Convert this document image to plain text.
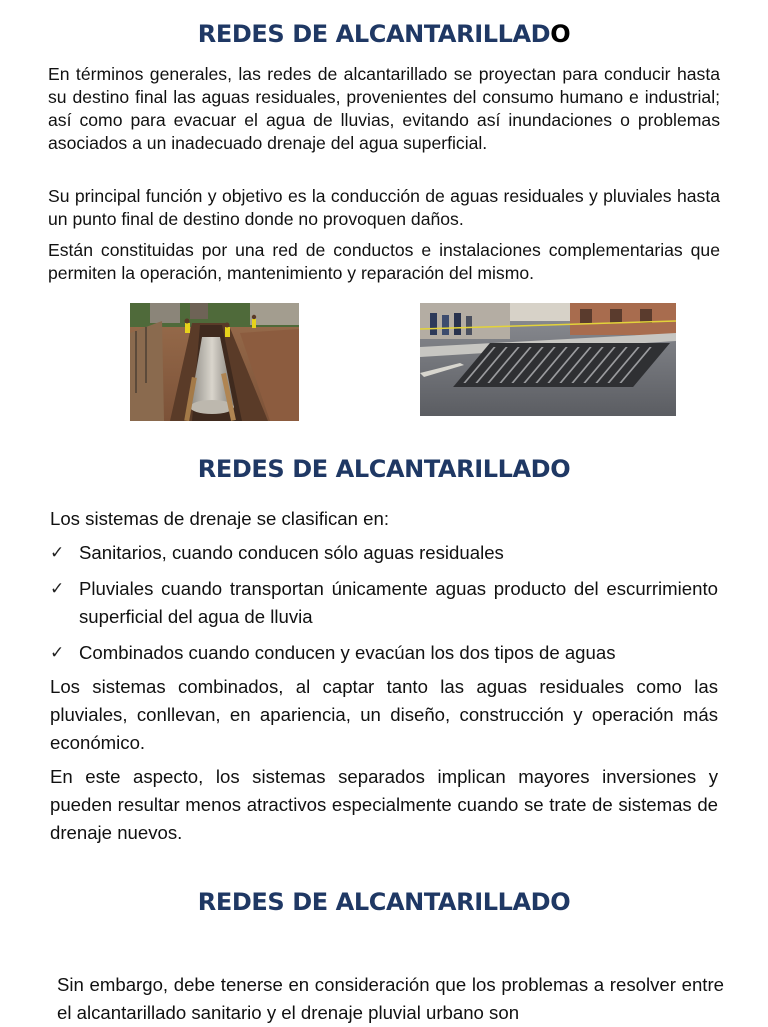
REDES DE ALCANTARILLADO

En términos generales, las redes de alcantarillado se proyectan para conducir hasta su destino final las aguas residuales, provenientes del consumo humano e industrial; así como para evacuar el agua de lluvias, evitando así inundaciones o problemas asociados a un inadecuado drenaje del agua superficial.

Su principal función y objetivo es la conducción de aguas residuales y pluviales hasta un punto final de destino donde no provoquen daños.

Están constituidas por una red de conductos e instalaciones complementarias que permiten la operación, mantenimiento y reparación del mismo.

REDES DE ALCANTARILLADO

Los sistemas de drenaje se clasifican en:

✓ Sanitarios, cuando conducen sólo aguas residuales
✓ Pluviales cuando transportan únicamente aguas producto del escurrimiento superficial del agua de lluvia
✓ Combinados cuando conducen y evacúan los dos tipos de aguas

Los sistemas combinados, al captar tanto las aguas residuales como las pluviales, conllevan, en apariencia, un diseño, construcción y operación más económico.

En este aspecto, los sistemas separados implican mayores inversiones y pueden resultar menos atractivos especialmente cuando se trate de sistemas de drenaje nuevos.

REDES DE ALCANTARILLADO

Sin embargo, debe tenerse en consideración que los problemas a resolver entre el alcantarillado sanitario y el drenaje pluvial urbano son
